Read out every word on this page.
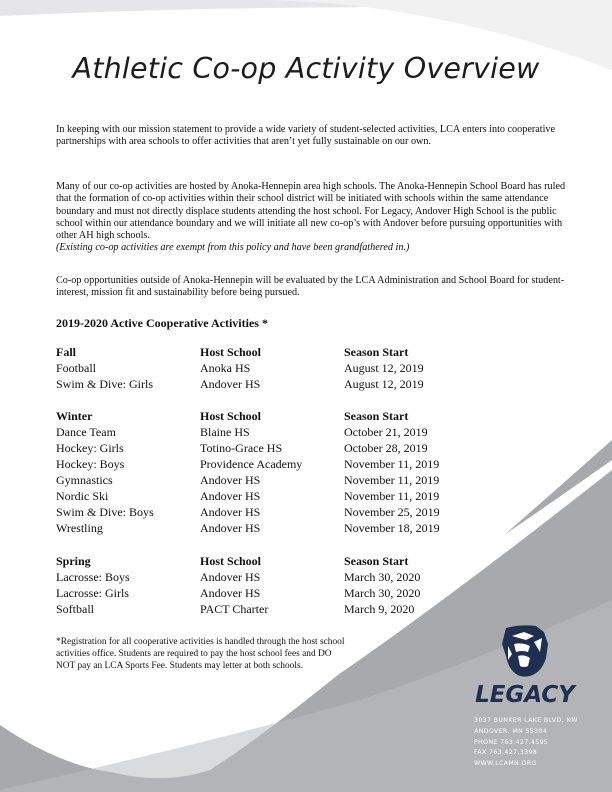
Athletic Co-op Activity Overview

In keeping with our mission statement to provide a wide variety of student-selected activities, LCA enters into cooperative partnerships with area schools to offer activities that aren’t yet fully sustainable on our own.

Many of our co-op activities are hosted by Anoka-Hennepin area high schools. The Anoka-Hennepin School Board has ruled that the formation of co-op activities within their school district will be initiated with schools within the same attendance boundary and must not directly displace students attending the host school. For Legacy, Andover High School is the public school within our attendance boundary and we will initiate all new co-op’s with Andover before pursuing opportunities with other AH high schools.
(Existing co-op activities are exempt from this policy and have been grandfathered in.)

Co-op opportunities outside of Anoka-Hennepin will be evaluated by the LCA Administration and School Board for student-interest, mission fit and sustainability before being pursued.

2019-2020 Active Cooperative Activities *
Fall	Host School	Season Start
Football	Anoka HS	August 12, 2019
Swim & Dive: Girls	Andover HS	August 12, 2019
Winter	Host School	Season Start
Dance Team	Blaine HS	October 21, 2019
Hockey: Girls	Totino-Grace HS	October 28, 2019
Hockey: Boys	Providence Academy	November 11, 2019
Gymnastics	Andover HS	November 11, 2019
Nordic Ski	Andover HS	November 11, 2019
Swim & Dive: Boys	Andover HS	November 25, 2019
Wrestling	Andover HS	November 18, 2019
Spring	Host School	Season Start
Lacrosse: Boys	Andover HS	March 30, 2020
Lacrosse: Girls	Andover HS	March 30, 2020
Softball	PACT Charter	March 9, 2020

*Registration for all cooperative activities is handled through the host school activities office. Students are required to pay the host school fees and DO NOT pay an LCA Sports Fee. Students may letter at both schools.

LEGACY
3037 BUNKER LAKE BLVD. NW
ANDOVER, MN 55304
PHONE 763.427.4595
FAX 763.427.3398
WWW.LCAMN.ORG
